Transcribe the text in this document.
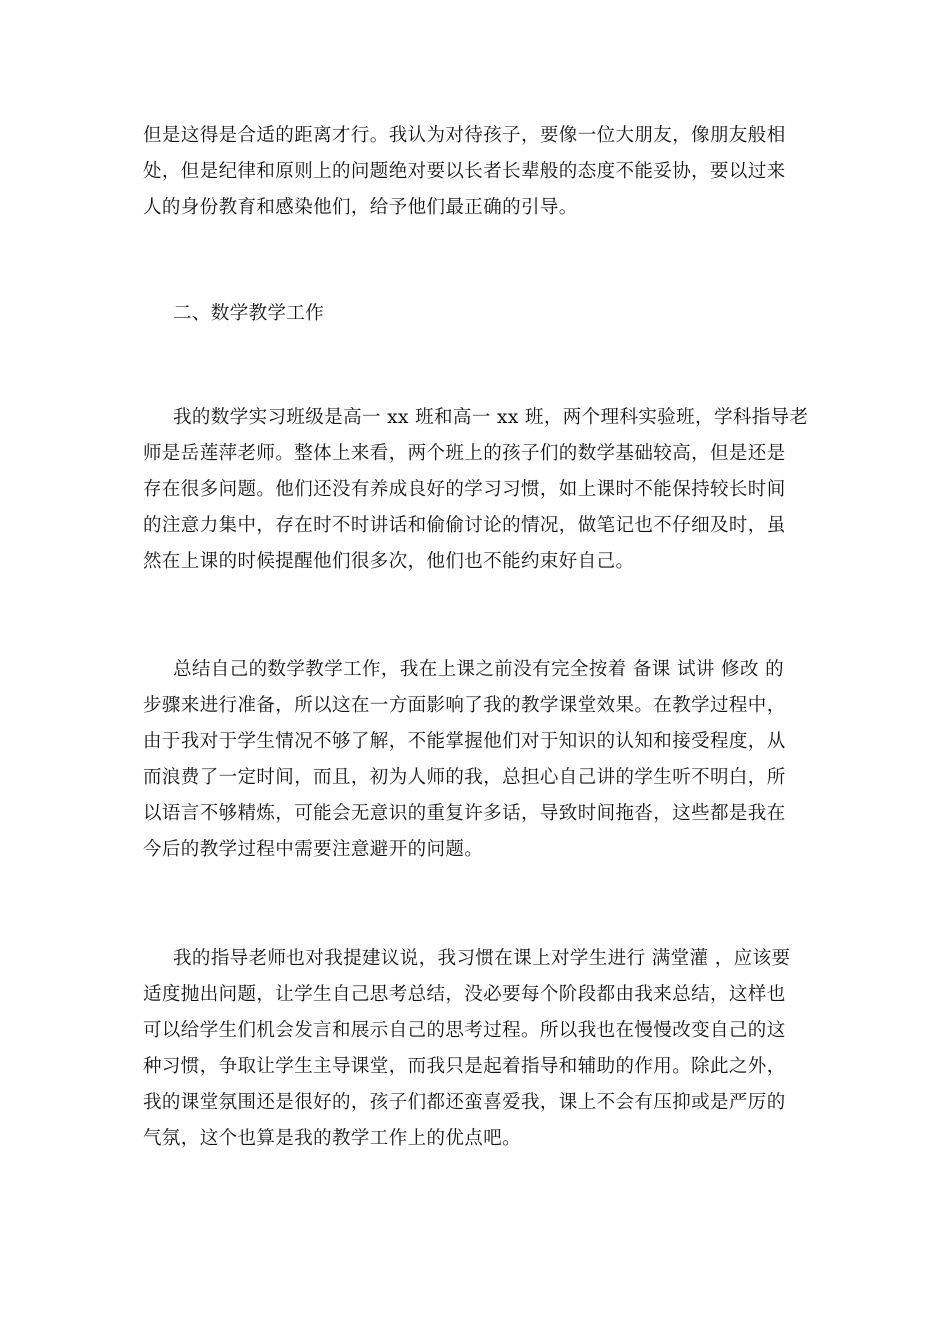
但是这得是合适的距离才行。我认为对待孩子，要像一位大朋友，像朋友般相
处，但是纪律和原则上的问题绝对要以长者长辈般的态度不能妥协，要以过来
人的身份教育和感染他们，给予他们最正确的引导。

二、数学教学工作

我的数学实习班级是高一 xx 班和高一 xx 班，两个理科实验班，学科指导老
师是岳莲萍老师。整体上来看，两个班上的孩子们的数学基础较高，但是还是
存在很多问题。他们还没有养成良好的学习习惯，如上课时不能保持较长时间
的注意力集中，存在时不时讲话和偷偷讨论的情况，做笔记也不仔细及时，虽
然在上课的时候提醒他们很多次，他们也不能约束好自己。

总结自己的数学教学工作，我在上课之前没有完全按着 备课 试讲 修改 的
步骤来进行准备，所以这在一方面影响了我的教学课堂效果。在教学过程中，
由于我对于学生情况不够了解，不能掌握他们对于知识的认知和接受程度，从
而浪费了一定时间，而且，初为人师的我，总担心自己讲的学生听不明白，所
以语言不够精炼，可能会无意识的重复许多话，导致时间拖沓，这些都是我在
今后的教学过程中需要注意避开的问题。

我的指导老师也对我提建议说，我习惯在课上对学生进行 满堂灌 ，应该要
适度抛出问题，让学生自己思考总结，没必要每个阶段都由我来总结，这样也
可以给学生们机会发言和展示自己的思考过程。所以我也在慢慢改变自己的这
种习惯，争取让学生主导课堂，而我只是起着指导和辅助的作用。除此之外，
我的课堂氛围还是很好的，孩子们都还蛮喜爱我，课上不会有压抑或是严厉的
气氛，这个也算是我的教学工作上的优点吧。
